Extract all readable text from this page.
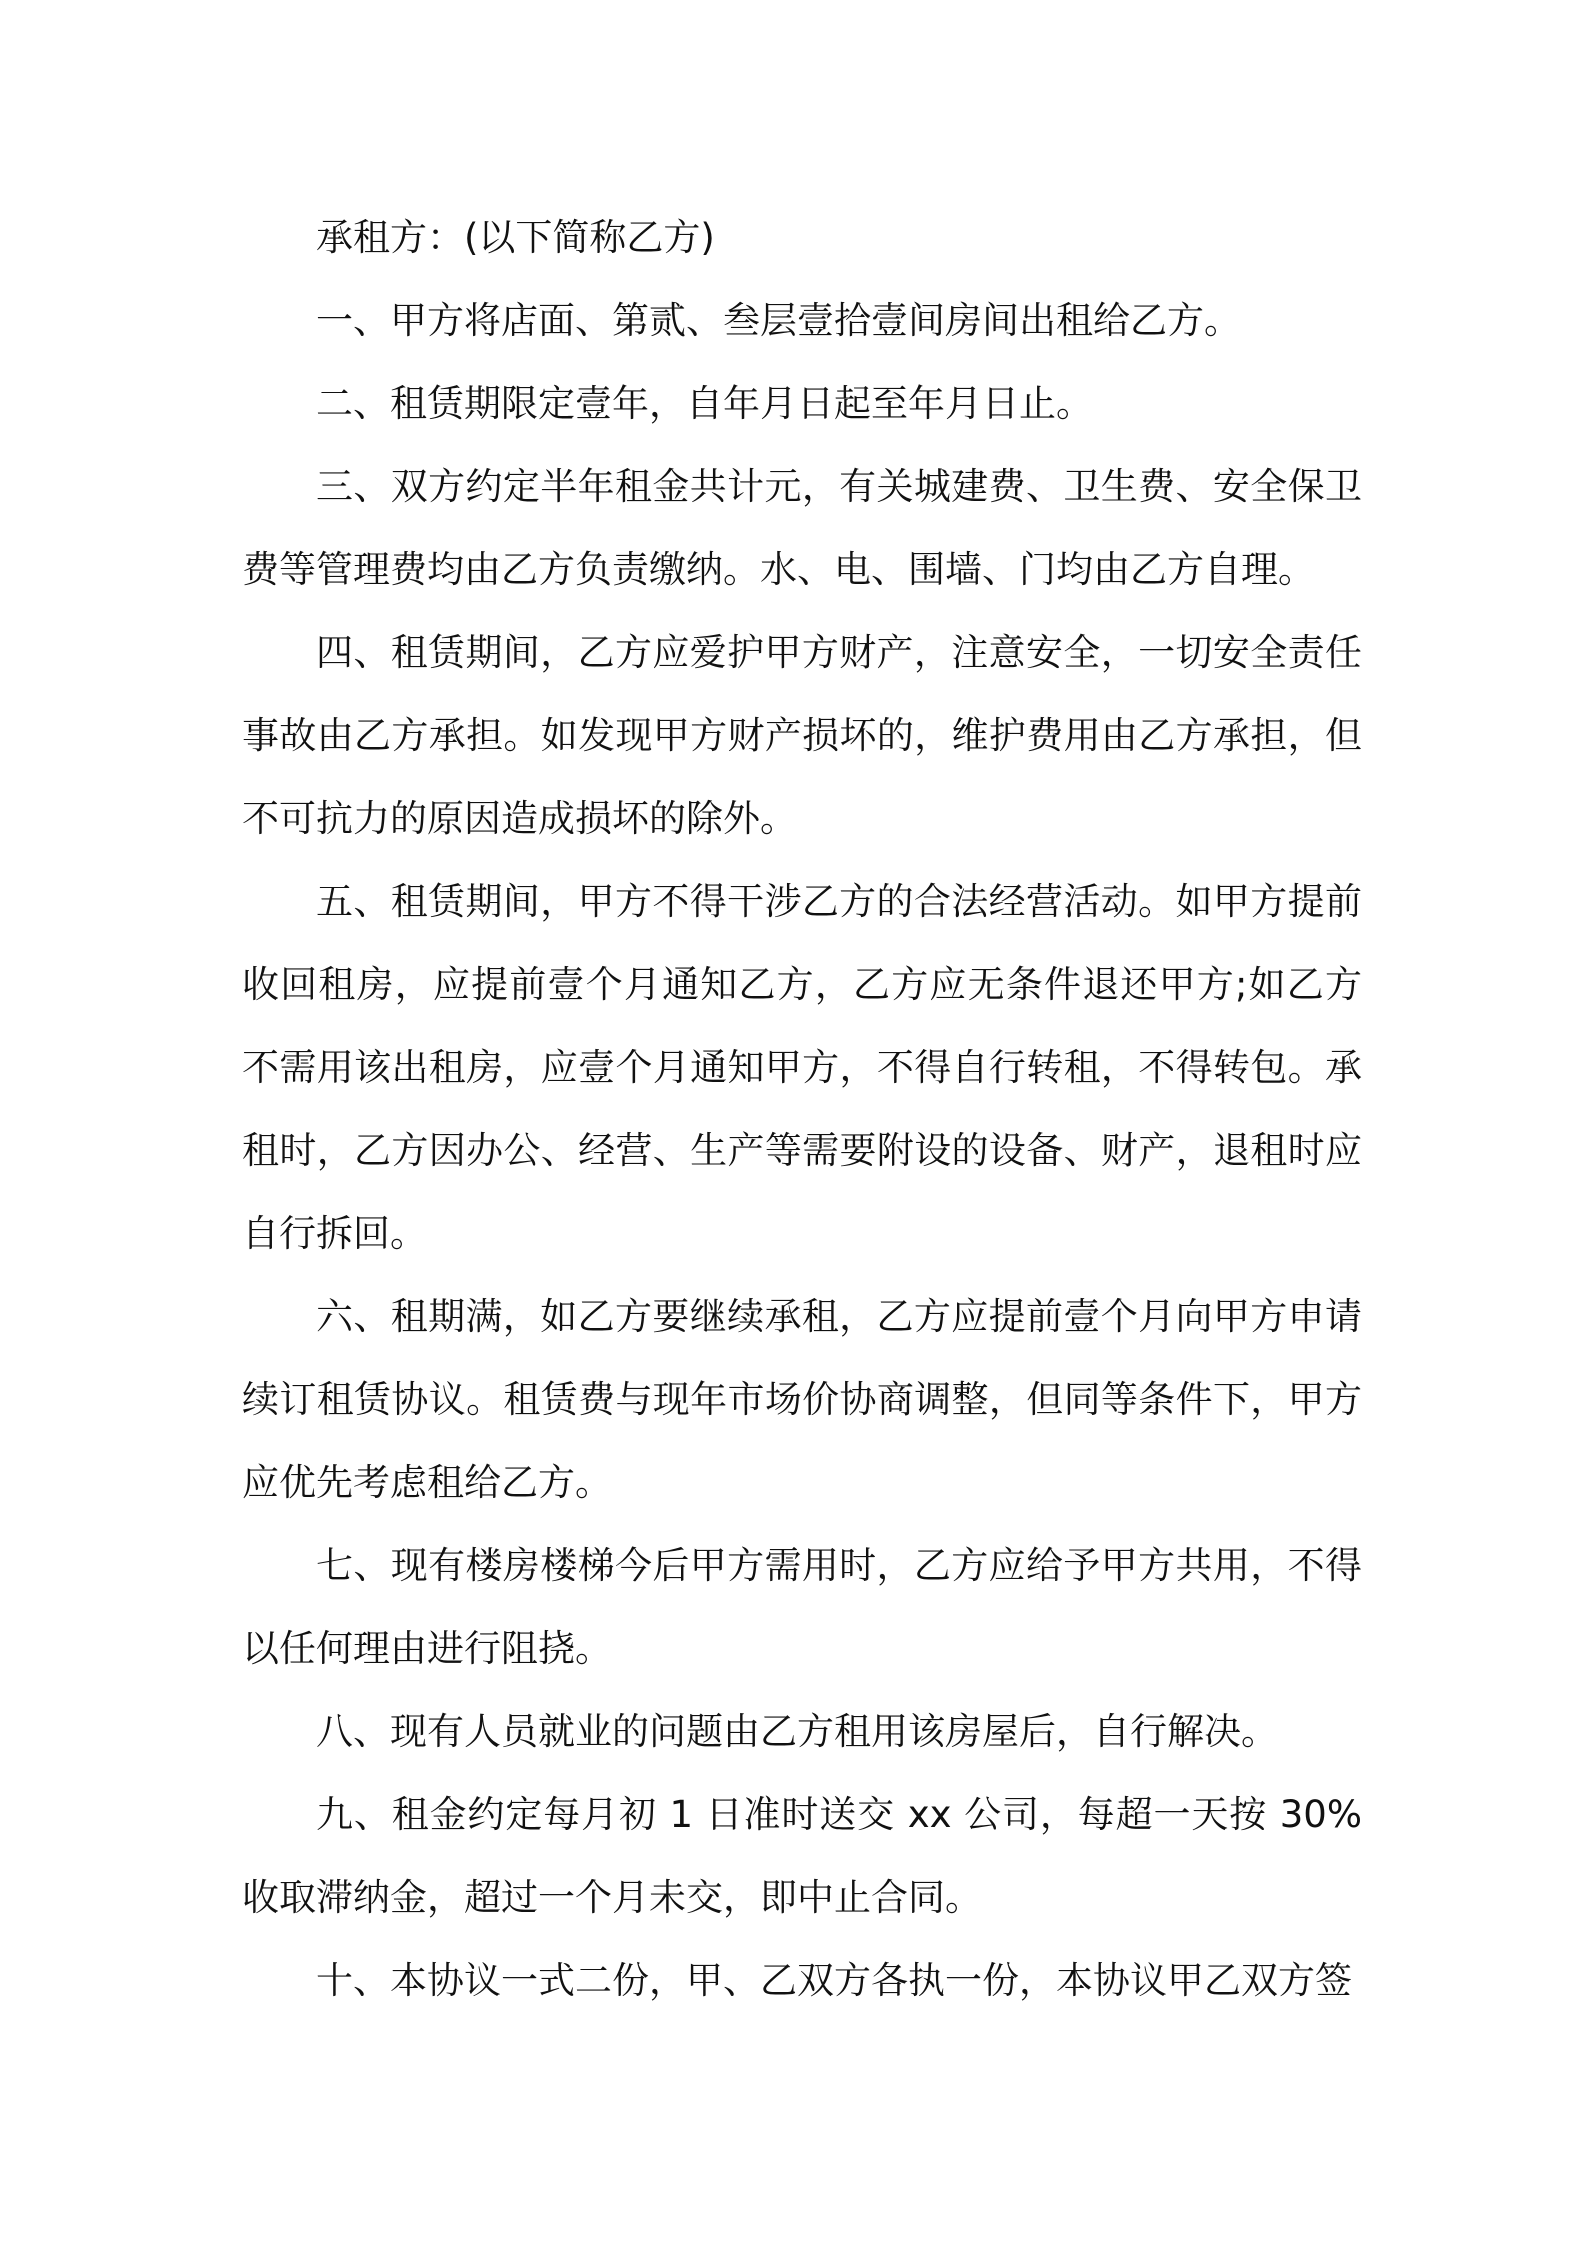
承租方：(以下简称乙方)

一、甲方将店面、第贰、叁层壹拾壹间房间出租给乙方。

二、租赁期限定壹年，自年月日起至年月日止。

三、双方约定半年租金共计元，有关城建费、卫生费、安全保卫费等管理费均由乙方负责缴纳。水、电、围墙、门均由乙方自理。

四、租赁期间，乙方应爱护甲方财产，注意安全，一切安全责任事故由乙方承担。如发现甲方财产损坏的，维护费用由乙方承担，但不可抗力的原因造成损坏的除外。

五、租赁期间，甲方不得干涉乙方的合法经营活动。如甲方提前收回租房，应提前壹个月通知乙方，乙方应无条件退还甲方;如乙方不需用该出租房，应壹个月通知甲方，不得自行转租，不得转包。承租时，乙方因办公、经营、生产等需要附设的设备、财产，退租时应自行拆回。

六、租期满，如乙方要继续承租，乙方应提前壹个月向甲方申请续订租赁协议。租赁费与现年市场价协商调整，但同等条件下，甲方应优先考虑租给乙方。

七、现有楼房楼梯今后甲方需用时，乙方应给予甲方共用，不得以任何理由进行阻挠。

八、现有人员就业的问题由乙方租用该房屋后，自行解决。

九、租金约定每月初 1 日准时送交 xx 公司，每超一天按 30%收取滞纳金，超过一个月未交，即中止合同。

十、本协议一式二份，甲、乙双方各执一份，本协议甲乙双方签
